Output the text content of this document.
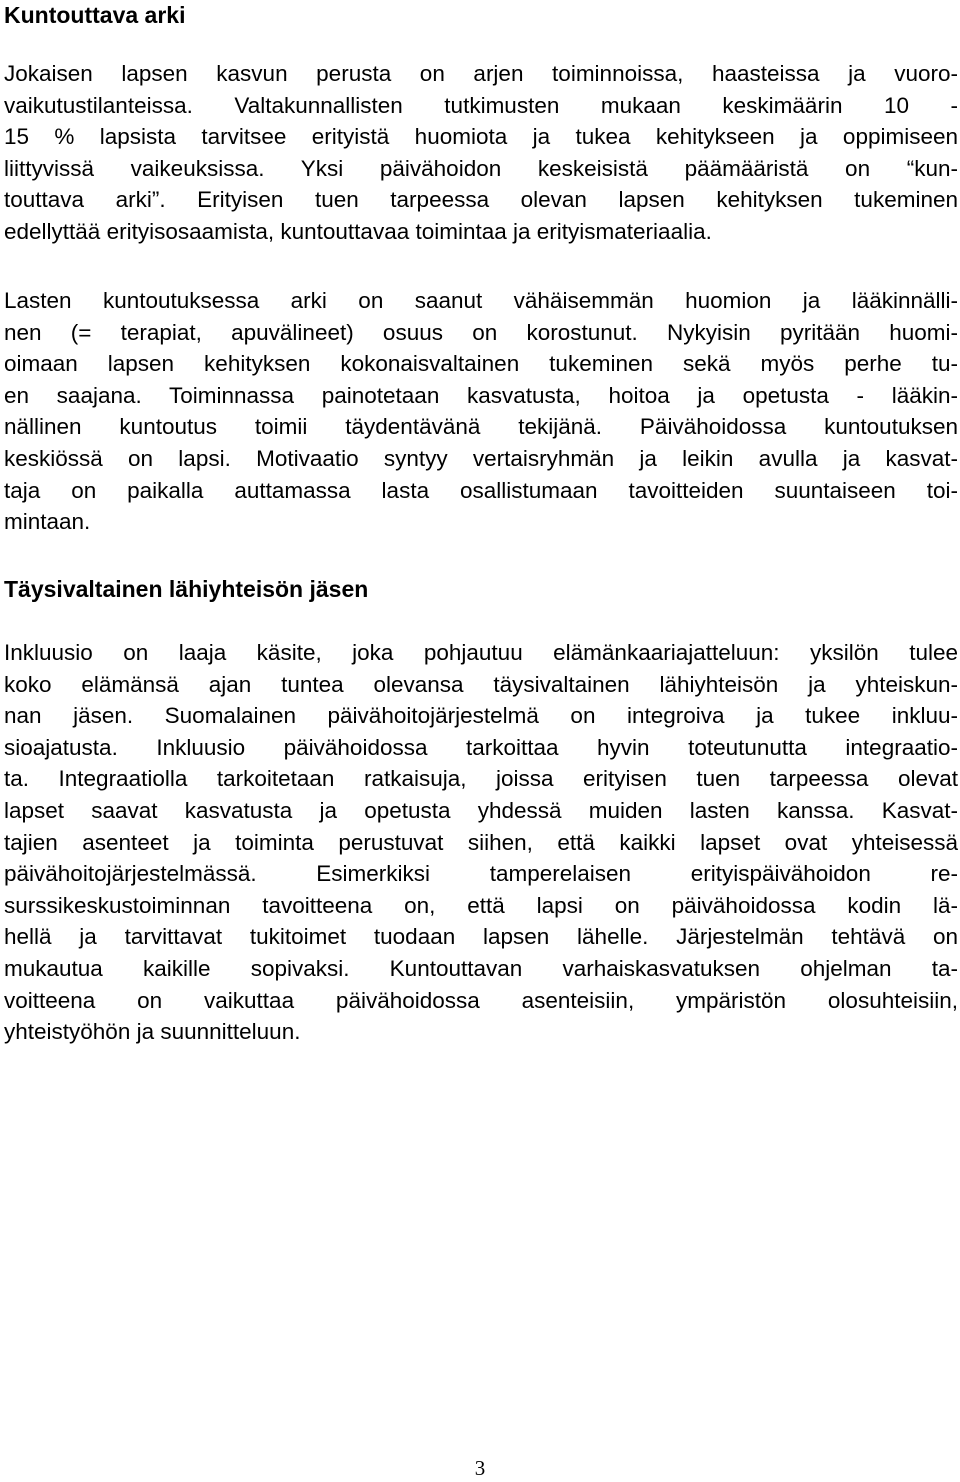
Kuntouttava arki
Jokaisen lapsen kasvun perusta on arjen toiminnoissa, haasteissa ja vuoro-
vaikutustilanteissa. Valtakunnallisten tutkimusten mukaan keskimäärin 10 -
15 % lapsista tarvitsee erityistä huomiota ja tukea kehitykseen ja oppimiseen
liittyvissä vaikeuksissa. Yksi päivähoidon keskeisistä päämääristä on “kun-
touttava arki”. Erityisen tuen tarpeessa olevan lapsen kehityksen tukeminen
edellyttää erityisosaamista, kuntouttavaa toimintaa ja erityismateriaalia.
Lasten kuntoutuksessa arki on saanut vähäisemmän huomion ja lääkinnälli-
nen (= terapiat, apuvälineet) osuus on korostunut. Nykyisin pyritään huomi-
oimaan lapsen kehityksen kokonaisvaltainen tukeminen sekä myös perhe tu-
en saajana. Toiminnassa painotetaan kasvatusta, hoitoa ja opetusta - lääkin-
nällinen kuntoutus toimii täydentävänä tekijänä. Päivähoidossa kuntoutuksen
keskiössä on lapsi. Motivaatio syntyy vertaisryhmän ja leikin avulla ja kasvat-
taja on paikalla auttamassa lasta osallistumaan tavoitteiden suuntaiseen toi-
mintaan.
Täysivaltainen lähiyhteisön jäsen
Inkluusio on laaja käsite, joka pohjautuu elämänkaariajatteluun: yksilön tulee
koko elämänsä ajan tuntea olevansa täysivaltainen lähiyhteisön ja yhteiskun-
nan jäsen. Suomalainen päivähoitojärjestelmä on integroiva ja tukee inkluu-
sioajatusta. Inkluusio päivähoidossa tarkoittaa hyvin toteutunutta integraatio-
ta. Integraatiolla tarkoitetaan ratkaisuja, joissa erityisen tuen tarpeessa olevat
lapset saavat kasvatusta ja opetusta yhdessä muiden lasten kanssa. Kasvat-
tajien asenteet ja toiminta perustuvat siihen, että kaikki lapset ovat yhteisessä
päivähoitojärjestelmässä. Esimerkiksi tamperelaisen erityispäivähoidon re-
surssikeskustoiminnan tavoitteena on, että lapsi on päivähoidossa kodin lä-
hellä ja tarvittavat tukitoimet tuodaan lapsen lähelle. Järjestelmän tehtävä on
mukautua kaikille sopivaksi. Kuntouttavan varhaiskasvatuksen ohjelman ta-
voitteena on vaikuttaa päivähoidossa asenteisiin, ympäristön olosuhteisiin,
yhteistyöhön ja suunnitteluun.
3
